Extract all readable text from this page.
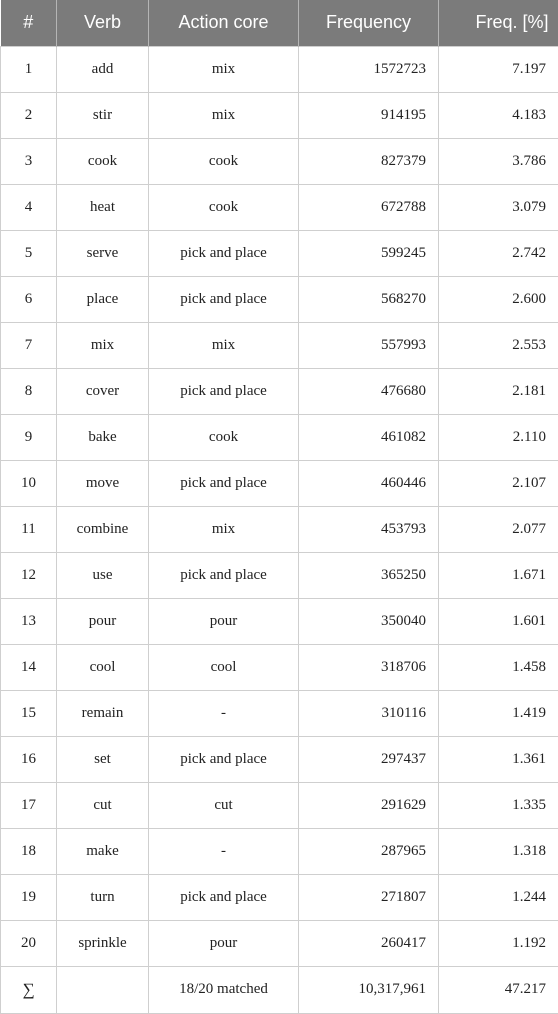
#	Verb	Action core	Frequency	Freq. [%]
1	add	mix	1572723	7.197
2	stir	mix	914195	4.183
3	cook	cook	827379	3.786
4	heat	cook	672788	3.079
5	serve	pick and place	599245	2.742
6	place	pick and place	568270	2.600
7	mix	mix	557993	2.553
8	cover	pick and place	476680	2.181
9	bake	cook	461082	2.110
10	move	pick and place	460446	2.107
11	combine	mix	453793	2.077
12	use	pick and place	365250	1.671
13	pour	pour	350040	1.601
14	cool	cool	318706	1.458
15	remain	-	310116	1.419
16	set	pick and place	297437	1.361
17	cut	cut	291629	1.335
18	make	-	287965	1.318
19	turn	pick and place	271807	1.244
20	sprinkle	pour	260417	1.192
∑		18/20 matched	10,317,961	47.217
